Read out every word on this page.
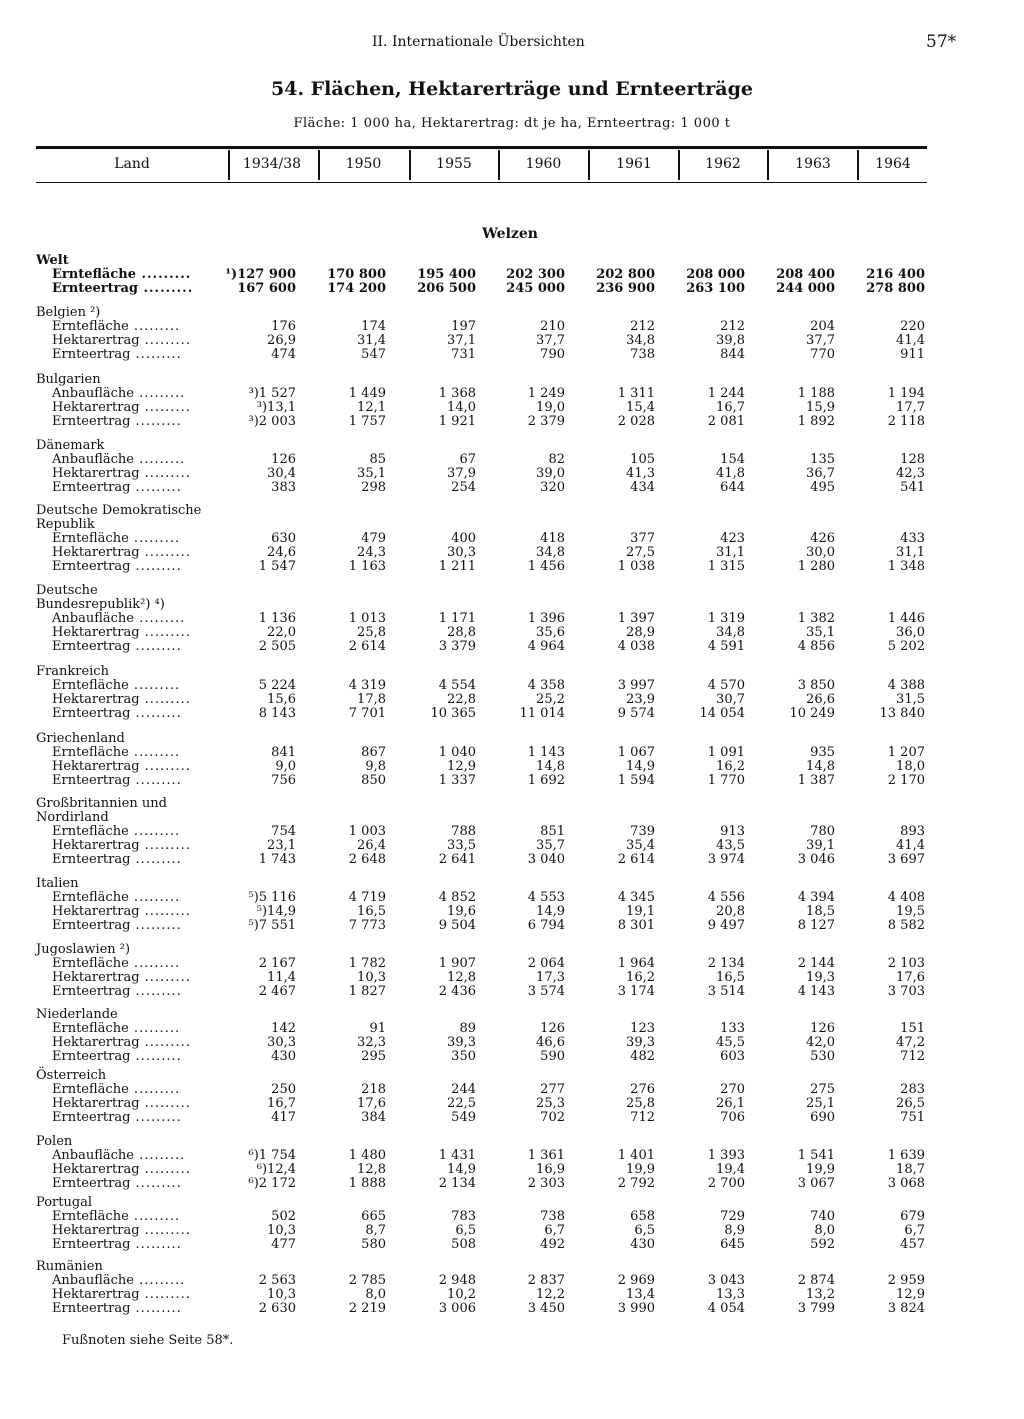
II. Internationale Übersichten	57*
54. Flächen, Hektarerträge und Ernteerträge
Fläche: 1 000 ha, Hektarertrag: dt je ha, Ernteertrag: 1 000 t
Land	1934/38	1950	1955	1960	1961	1962	1963	1964
Welzen
Welt
Erntefläche .........	¹)127 900	170 800	195 400	202 300	202 800	208 000	208 400	216 400
Ernteertrag .........	167 600	174 200	206 500	245 000	236 900	263 100	244 000	278 800
Belgien ²)
Erntefläche .........	176	174	197	210	212	212	204	220
Hektarertrag .........	26,9	31,4	37,1	37,7	34,8	39,8	37,7	41,4
Ernteertrag .........	474	547	731	790	738	844	770	911
Bulgarien
Anbaufläche .........	³)1 527	1 449	1 368	1 249	1 311	1 244	1 188	1 194
Hektarertrag .........	³)13,1	12,1	14,0	19,0	15,4	16,7	15,9	17,7
Ernteertrag .........	³)2 003	1 757	1 921	2 379	2 028	2 081	1 892	2 118
Dänemark
Anbaufläche .........	126	85	67	82	105	154	135	128
Hektarertrag .........	30,4	35,1	37,9	39,0	41,3	41,8	36,7	42,3
Ernteertrag .........	383	298	254	320	434	644	495	541
Deutsche Demokratische Republik
Erntefläche .........	630	479	400	418	377	423	426	433
Hektarertrag .........	24,6	24,3	30,3	34,8	27,5	31,1	30,0	31,1
Ernteertrag .........	1 547	1 163	1 211	1 456	1 038	1 315	1 280	1 348
Deutsche Bundesrepublik²) ⁴)
Anbaufläche .........	1 136	1 013	1 171	1 396	1 397	1 319	1 382	1 446
Hektarertrag .........	22,0	25,8	28,8	35,6	28,9	34,8	35,1	36,0
Ernteertrag .........	2 505	2 614	3 379	4 964	4 038	4 591	4 856	5 202
Frankreich
Erntefläche .........	5 224	4 319	4 554	4 358	3 997	4 570	3 850	4 388
Hektarertrag .........	15,6	17,8	22,8	25,2	23,9	30,7	26,6	31,5
Ernteertrag .........	8 143	7 701	10 365	11 014	9 574	14 054	10 249	13 840
Griechenland
Erntefläche .........	841	867	1 040	1 143	1 067	1 091	935	1 207
Hektarertrag .........	9,0	9,8	12,9	14,8	14,9	16,2	14,8	18,0
Ernteertrag .........	756	850	1 337	1 692	1 594	1 770	1 387	2 170
Großbritannien und Nordirland
Erntefläche .........	754	1 003	788	851	739	913	780	893
Hektarertrag .........	23,1	26,4	33,5	35,7	35,4	43,5	39,1	41,4
Ernteertrag .........	1 743	2 648	2 641	3 040	2 614	3 974	3 046	3 697
Italien
Erntefläche .........	⁵)5 116	4 719	4 852	4 553	4 345	4 556	4 394	4 408
Hektarertrag .........	⁵)14,9	16,5	19,6	14,9	19,1	20,8	18,5	19,5
Ernteertrag .........	⁵)7 551	7 773	9 504	6 794	8 301	9 497	8 127	8 582
Jugoslawien ²)
Erntefläche .........	2 167	1 782	1 907	2 064	1 964	2 134	2 144	2 103
Hektarertrag .........	11,4	10,3	12,8	17,3	16,2	16,5	19,3	17,6
Ernteertrag .........	2 467	1 827	2 436	3 574	3 174	3 514	4 143	3 703
Niederlande
Erntefläche .........	142	91	89	126	123	133	126	151
Hektarertrag .........	30,3	32,3	39,3	46,6	39,3	45,5	42,0	47,2
Ernteertrag .........	430	295	350	590	482	603	530	712
Österreich
Erntefläche .........	250	218	244	277	276	270	275	283
Hektarertrag .........	16,7	17,6	22,5	25,3	25,8	26,1	25,1	26,5
Ernteertrag .........	417	384	549	702	712	706	690	751
Polen
Anbaufläche .........	⁶)1 754	1 480	1 431	1 361	1 401	1 393	1 541	1 639
Hektarertrag .........	⁶)12,4	12,8	14,9	16,9	19,9	19,4	19,9	18,7
Ernteertrag .........	⁶)2 172	1 888	2 134	2 303	2 792	2 700	3 067	3 068
Portugal
Erntefläche .........	502	665	783	738	658	729	740	679
Hektarertrag .........	10,3	8,7	6,5	6,7	6,5	8,9	8,0	6,7
Ernteertrag .........	477	580	508	492	430	645	592	457
Rumänien
Anbaufläche .........	2 563	2 785	2 948	2 837	2 969	3 043	2 874	2 959
Hektarertrag .........	10,3	8,0	10,2	12,2	13,4	13,3	13,2	12,9
Ernteertrag .........	2 630	2 219	3 006	3 450	3 990	4 054	3 799	3 824
Fußnoten siehe Seite 58*.
